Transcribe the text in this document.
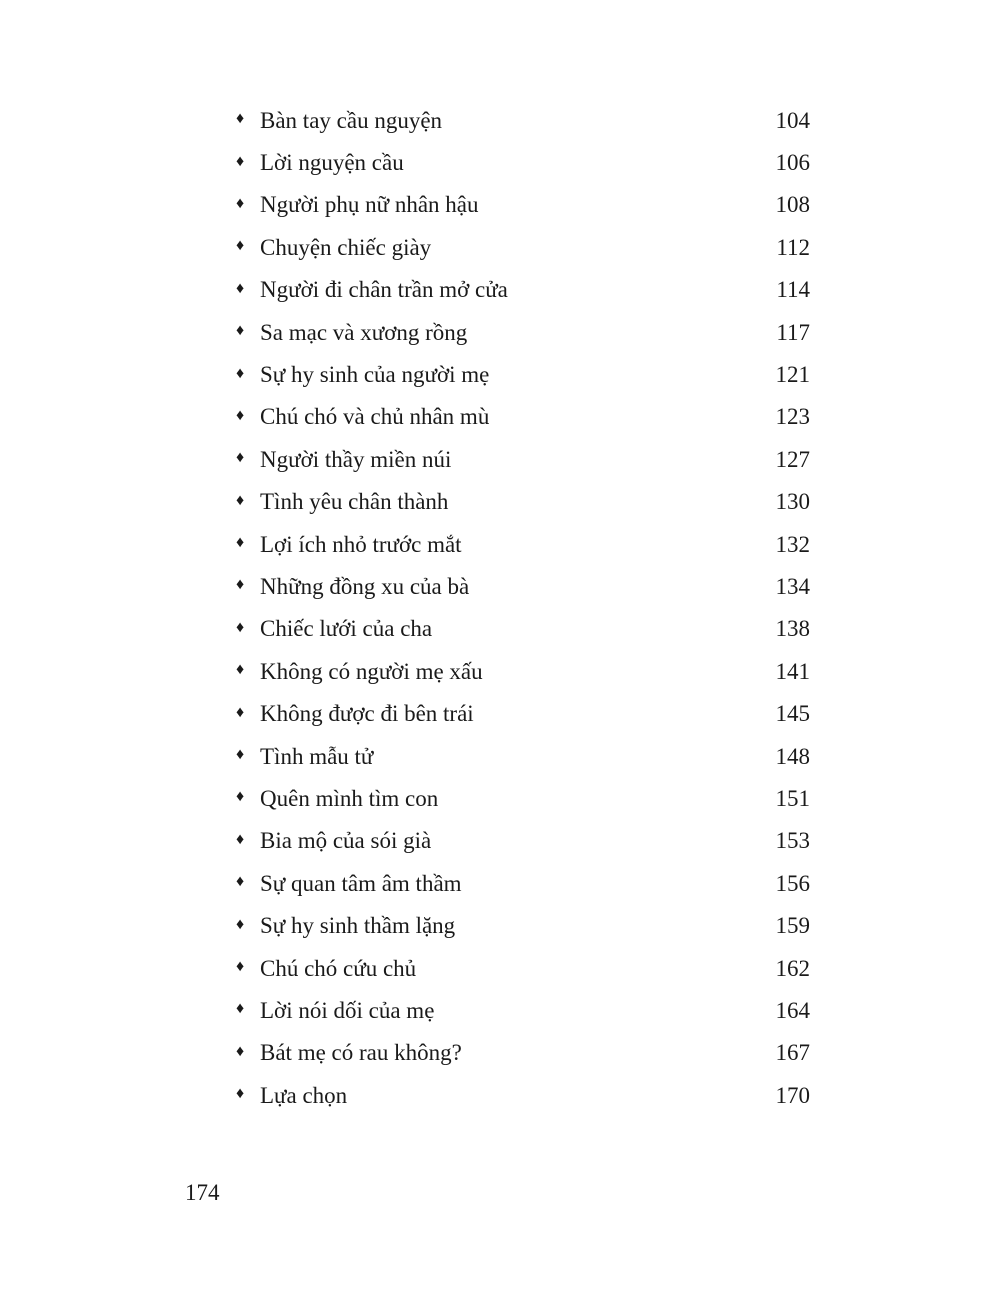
♦ Bàn tay cầu nguyện	104
♦ Lời nguyện cầu	106
♦ Người phụ nữ nhân hậu	108
♦ Chuyện chiếc giày	112
♦ Người đi chân trần mở cửa	114
♦ Sa mạc và xương rồng	117
♦ Sự hy sinh của người mẹ	121
♦ Chú chó và chủ nhân mù	123
♦ Người thầy miền núi	127
♦ Tình yêu chân thành	130
♦ Lợi ích nhỏ trước mắt	132
♦ Những đồng xu của bà	134
♦ Chiếc lưới của cha	138
♦ Không có người mẹ xấu	141
♦ Không được đi bên trái	145
♦ Tình mẫu tử	148
♦ Quên mình tìm con	151
♦ Bia mộ của sói già	153
♦ Sự quan tâm âm thầm	156
♦ Sự hy sinh thầm lặng	159
♦ Chú chó cứu chủ	162
♦ Lời nói dối của mẹ	164
♦ Bát mẹ có rau không?	167
♦ Lựa chọn	170
174
